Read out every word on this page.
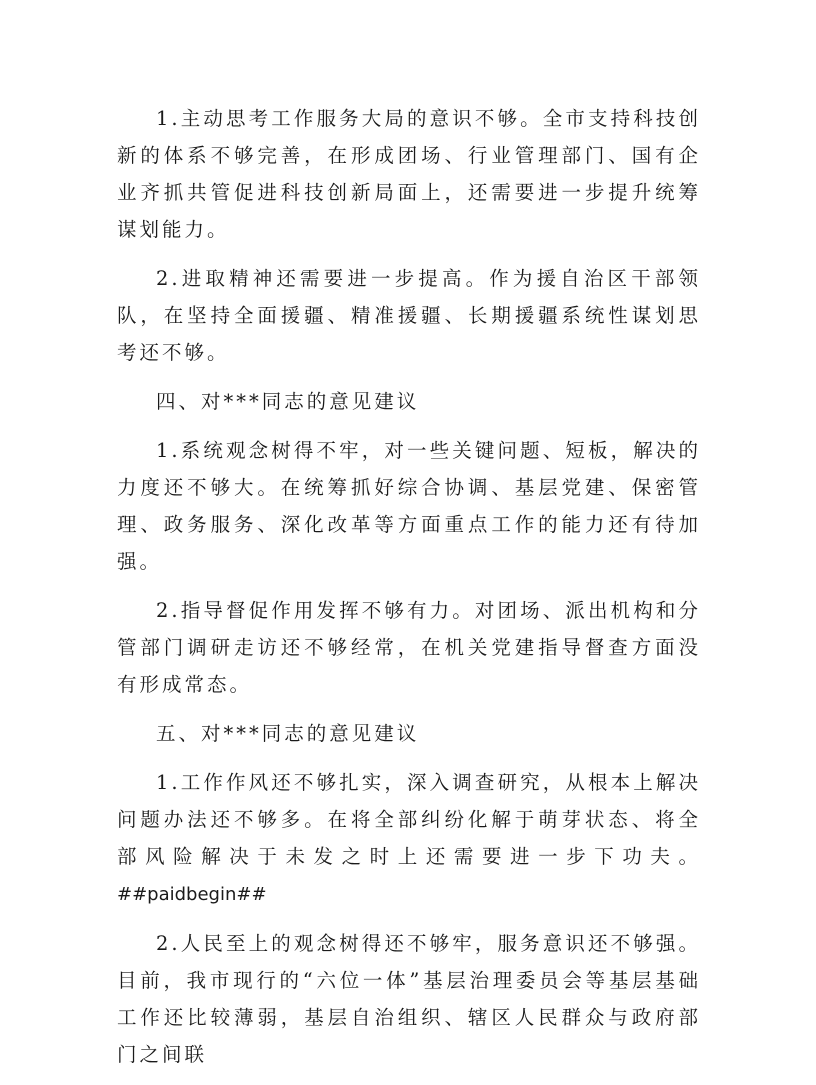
1.主动思考工作服务大局的意识不够。全市支持科技创新的体系不够完善，在形成团场、行业管理部门、国有企业齐抓共管促进科技创新局面上，还需要进一步提升统筹谋划能力。

2.进取精神还需要进一步提高。作为援自治区干部领队，在坚持全面援疆、精准援疆、长期援疆系统性谋划思考还不够。

四、对***同志的意见建议

1.系统观念树得不牢，对一些关键问题、短板，解决的力度还不够大。在统筹抓好综合协调、基层党建、保密管理、政务服务、深化改革等方面重点工作的能力还有待加强。

2.指导督促作用发挥不够有力。对团场、派出机构和分管部门调研走访还不够经常，在机关党建指导督查方面没有形成常态。

五、对***同志的意见建议

1.工作作风还不够扎实，深入调查研究，从根本上解决问题办法还不够多。在将全部纠纷化解于萌芽状态、将全部风险解决于未发之时上还需要进一步下功夫。##paidbegin##

2.人民至上的观念树得还不够牢，服务意识还不够强。目前，我市现行的“六位一体”基层治理委员会等基层基础工作还比较薄弱，基层自治组织、辖区人民群众与政府部门之间联
